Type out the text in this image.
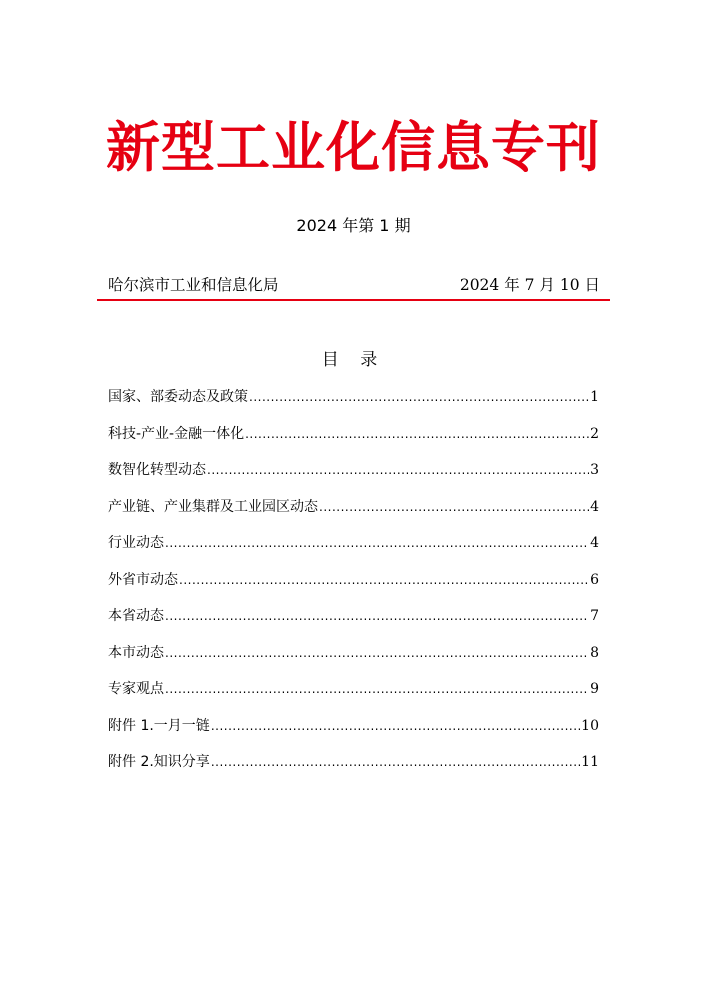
新型工业化信息专刊
2024 年第 1 期
哈尔滨市工业和信息化局	2024 年 7 月 10 日
目 录
国家、部委动态及政策 .....	1
科技-产业-金融一体化 .....	2
数智化转型动态 .....	3
产业链、产业集群及工业园区动态 .....	4
行业动态 .....	4
外省市动态 .....	6
本省动态 .....	7
本市动态 .....	8
专家观点 .....	9
附件 1.一月一链 .....	10
附件 2.知识分享 .....	11
